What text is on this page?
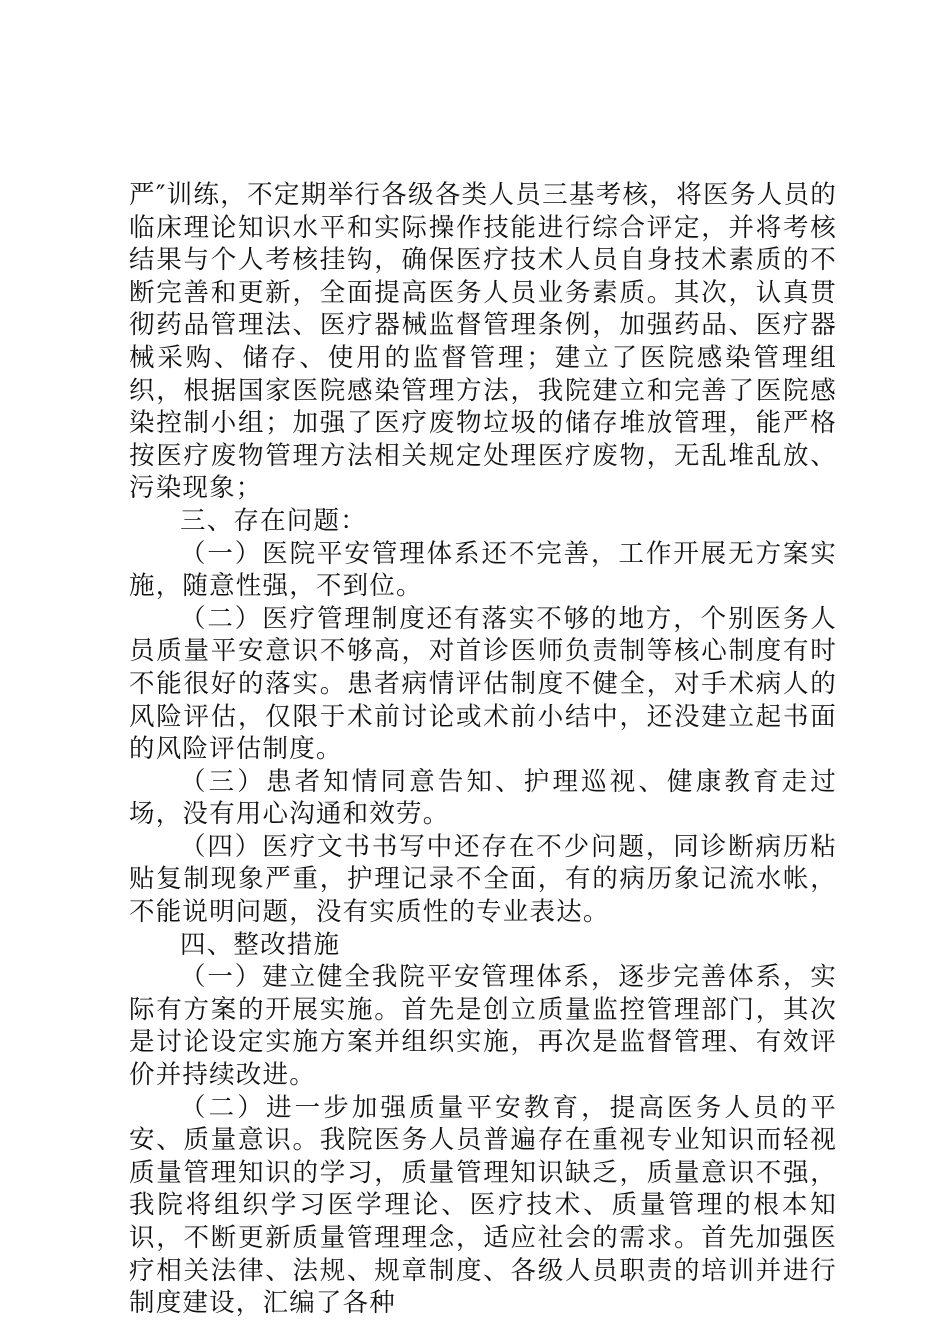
严″训练，不定期举行各级各类人员三基考核，将医务人员的临床理论知识水平和实际操作技能进行综合评定，并将考核结果与个人考核挂钩，确保医疗技术人员自身技术素质的不断完善和更新，全面提高医务人员业务素质。其次，认真贯彻药品管理法、医疗器械监督管理条例，加强药品、医疗器械采购、储存、使用的监督管理；建立了医院感染管理组织，根据国家医院感染管理方法，我院建立和完善了医院感染控制小组；加强了医疗废物垃圾的储存堆放管理，能严格按医疗废物管理方法相关规定处理医疗废物，无乱堆乱放、污染现象；

三、存在问题：

（一）医院平安管理体系还不完善，工作开展无方案实施，随意性强，不到位。

（二）医疗管理制度还有落实不够的地方，个别医务人员质量平安意识不够高，对首诊医师负责制等核心制度有时不能很好的落实。患者病情评估制度不健全，对手术病人的风险评估，仅限于术前讨论或术前小结中，还没建立起书面的风险评估制度。

（三）患者知情同意告知、护理巡视、健康教育走过场，没有用心沟通和效劳。

（四）医疗文书书写中还存在不少问题，同诊断病历粘贴复制现象严重，护理记录不全面，有的病历象记流水帐，不能说明问题，没有实质性的专业表达。

四、整改措施

（一）建立健全我院平安管理体系，逐步完善体系，实际有方案的开展实施。首先是创立质量监控管理部门，其次是讨论设定实施方案并组织实施，再次是监督管理、有效评价并持续改进。

（二）进一步加强质量平安教育，提高医务人员的平安、质量意识。我院医务人员普遍存在重视专业知识而轻视质量管理知识的学习，质量管理知识缺乏，质量意识不强，我院将组织学习医学理论、医疗技术、质量管理的根本知识，不断更新质量管理理念，适应社会的需求。首先加强医疗相关法律、法规、规章制度、各级人员职责的培训并进行制度建设，汇编了各种
